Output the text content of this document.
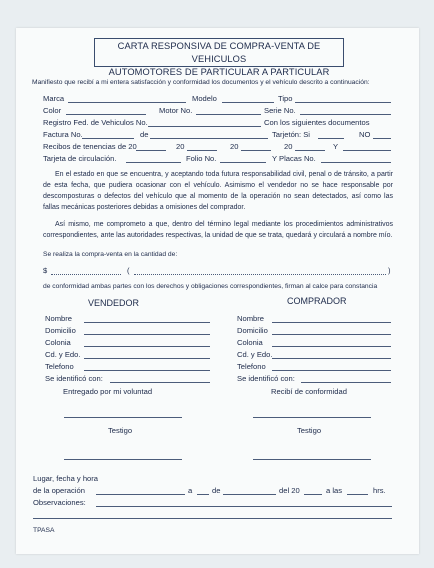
CARTA RESPONSIVA DE COMPRA-VENTA DE VEHICULOS
AUTOMOTORES DE PARTICULAR A PARTICULAR
Manifiesto que recibí a mi entera satisfacción y conformidad los documentos y el vehículo descrito a continuación:
Marca	Modelo	Tipo
Color	Motor No.	Serie No.
Registro Fed. de Vehiculos No.	Con los siguientes documentos
Factura No.	de	Tarjetón: Si	NO
Recibos de tenencias de 20	20	20	20	Y
Tarjeta de circulación.	Folio No.	Y Placas No.
En el estado en que se encuentra, y aceptando toda futura responsabilidad civil, penal o de tránsito, a partir de esta fecha, que pudiera ocasionar con el vehículo. Asimismo el vendedor no se hace responsable por descomposturas o defectos del vehículo que al momento de la operación no sean detectados, así como las fallas mecánicas posteriores debidas a omisiones del comprador.
Así mismo, me comprometo a que, dentro del término legal mediante los procedimientos administrativos correspondientes, ante las autoridades respectivas, la unidad de que se trata, quedará y circulará a nombre mío.
Se realiza la compra-venta en la cantidad de:
$	(	)
de conformidad ambas partes con los derechos y obligaciones correspondientes, firman al calce para constancia
VENDEDOR
Nombre
Domicilio
Colonia
Cd. y Edo.
Telefono
Se identificó con:
Entregado por mi voluntad
Testigo
COMPRADOR
Nombre
Domicilio
Colonia
Cd. y Edo.
Telefono
Se identificó con:
Recibí de conformidad
Testigo
Lugar, fecha y hora
de la operación	a	de	del 20	a las	hrs.
Observaciones:
TPASA
